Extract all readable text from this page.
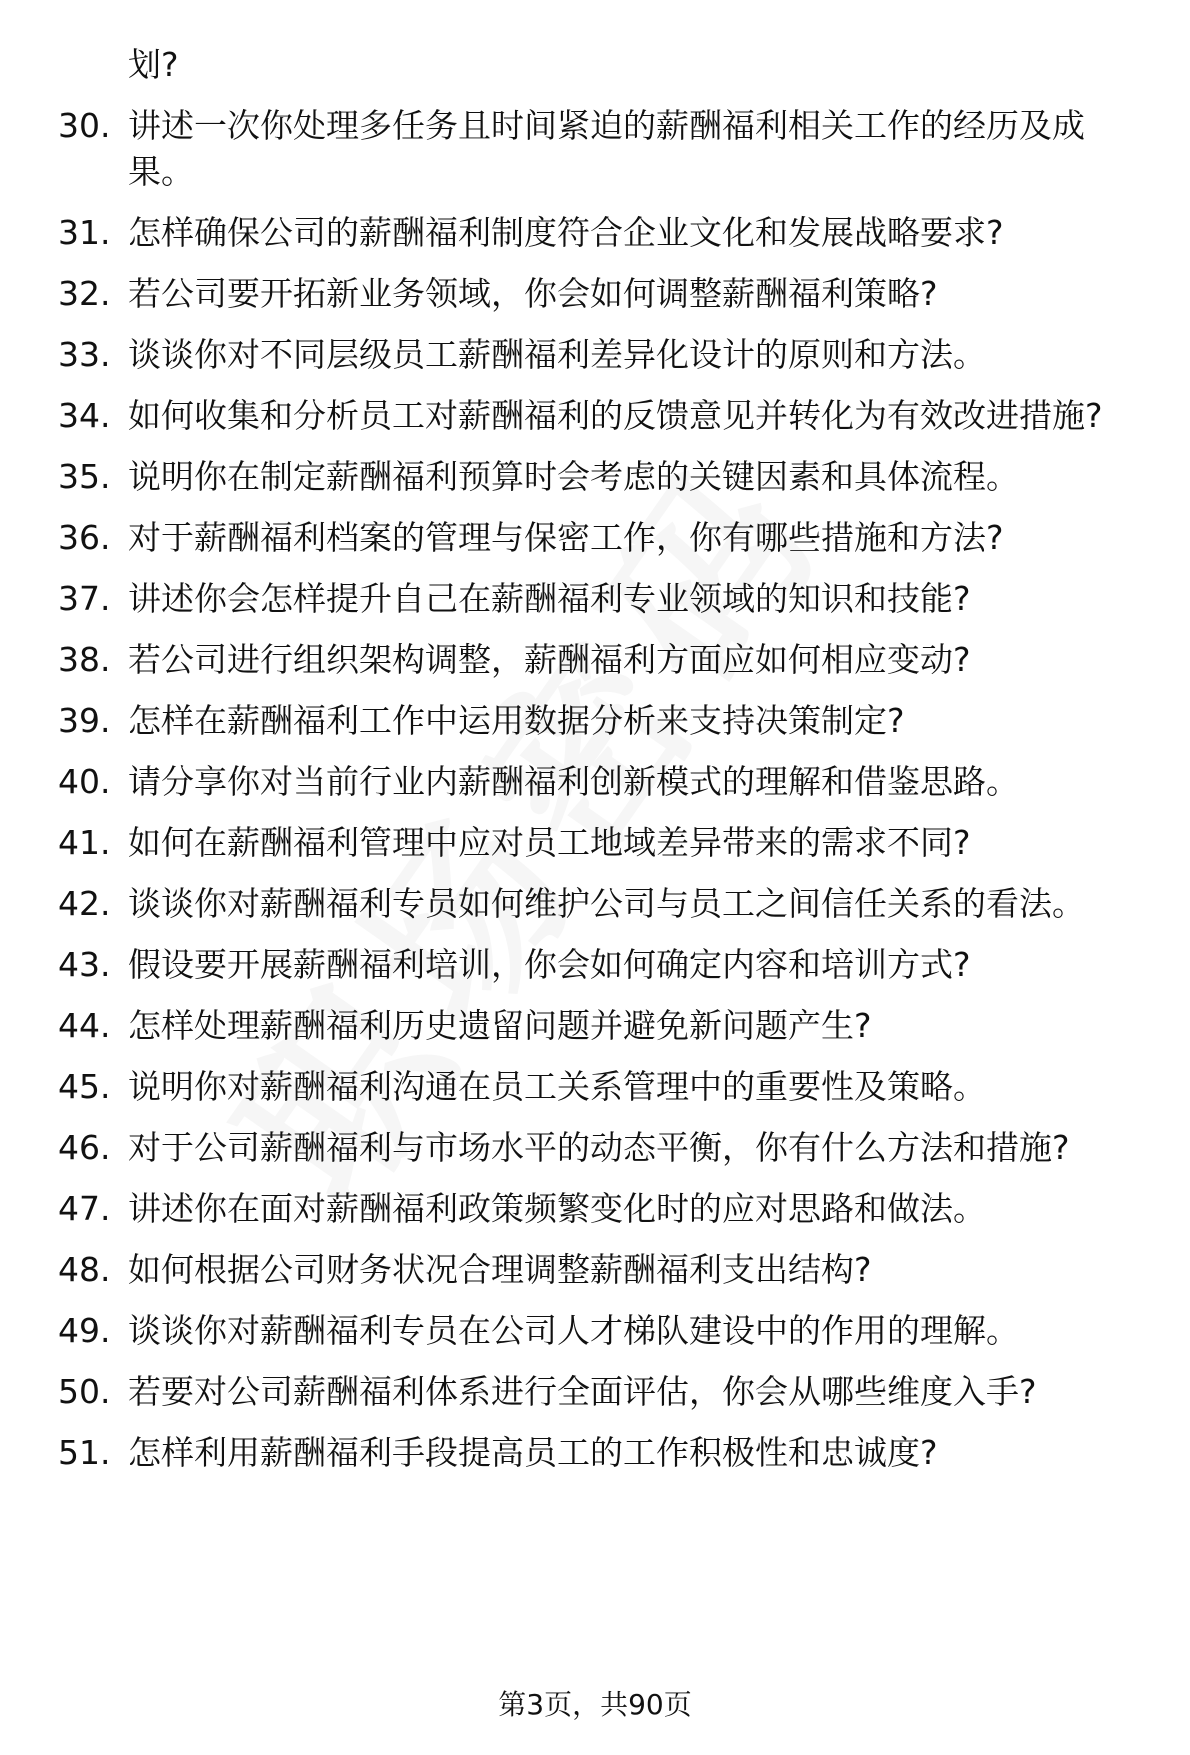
划?
30. 讲述一次你处理多任务且时间紧迫的薪酬福利相关工作的经历及成果。
31. 怎样确保公司的薪酬福利制度符合企业文化和发展战略要求?
32. 若公司要开拓新业务领域，你会如何调整薪酬福利策略?
33. 谈谈你对不同层级员工薪酬福利差异化设计的原则和方法。
34. 如何收集和分析员工对薪酬福利的反馈意见并转化为有效改进措施?
35. 说明你在制定薪酬福利预算时会考虑的关键因素和具体流程。
36. 对于薪酬福利档案的管理与保密工作，你有哪些措施和方法?
37. 讲述你会怎样提升自己在薪酬福利专业领域的知识和技能?
38. 若公司进行组织架构调整，薪酬福利方面应如何相应变动?
39. 怎样在薪酬福利工作中运用数据分析来支持决策制定?
40. 请分享你对当前行业内薪酬福利创新模式的理解和借鉴思路。
41. 如何在薪酬福利管理中应对员工地域差异带来的需求不同?
42. 谈谈你对薪酬福利专员如何维护公司与员工之间信任关系的看法。
43. 假设要开展薪酬福利培训，你会如何确定内容和培训方式?
44. 怎样处理薪酬福利历史遗留问题并避免新问题产生?
45. 说明你对薪酬福利沟通在员工关系管理中的重要性及策略。
46. 对于公司薪酬福利与市场水平的动态平衡，你有什么方法和措施?
47. 讲述你在面对薪酬福利政策频繁变化时的应对思路和做法。
48. 如何根据公司财务状况合理调整薪酬福利支出结构?
49. 谈谈你对薪酬福利专员在公司人才梯队建设中的作用的理解。
50. 若要对公司薪酬福利体系进行全面评估，你会从哪些维度入手?
51. 怎样利用薪酬福利手段提高员工的工作积极性和忠诚度?
第3页，共90页
